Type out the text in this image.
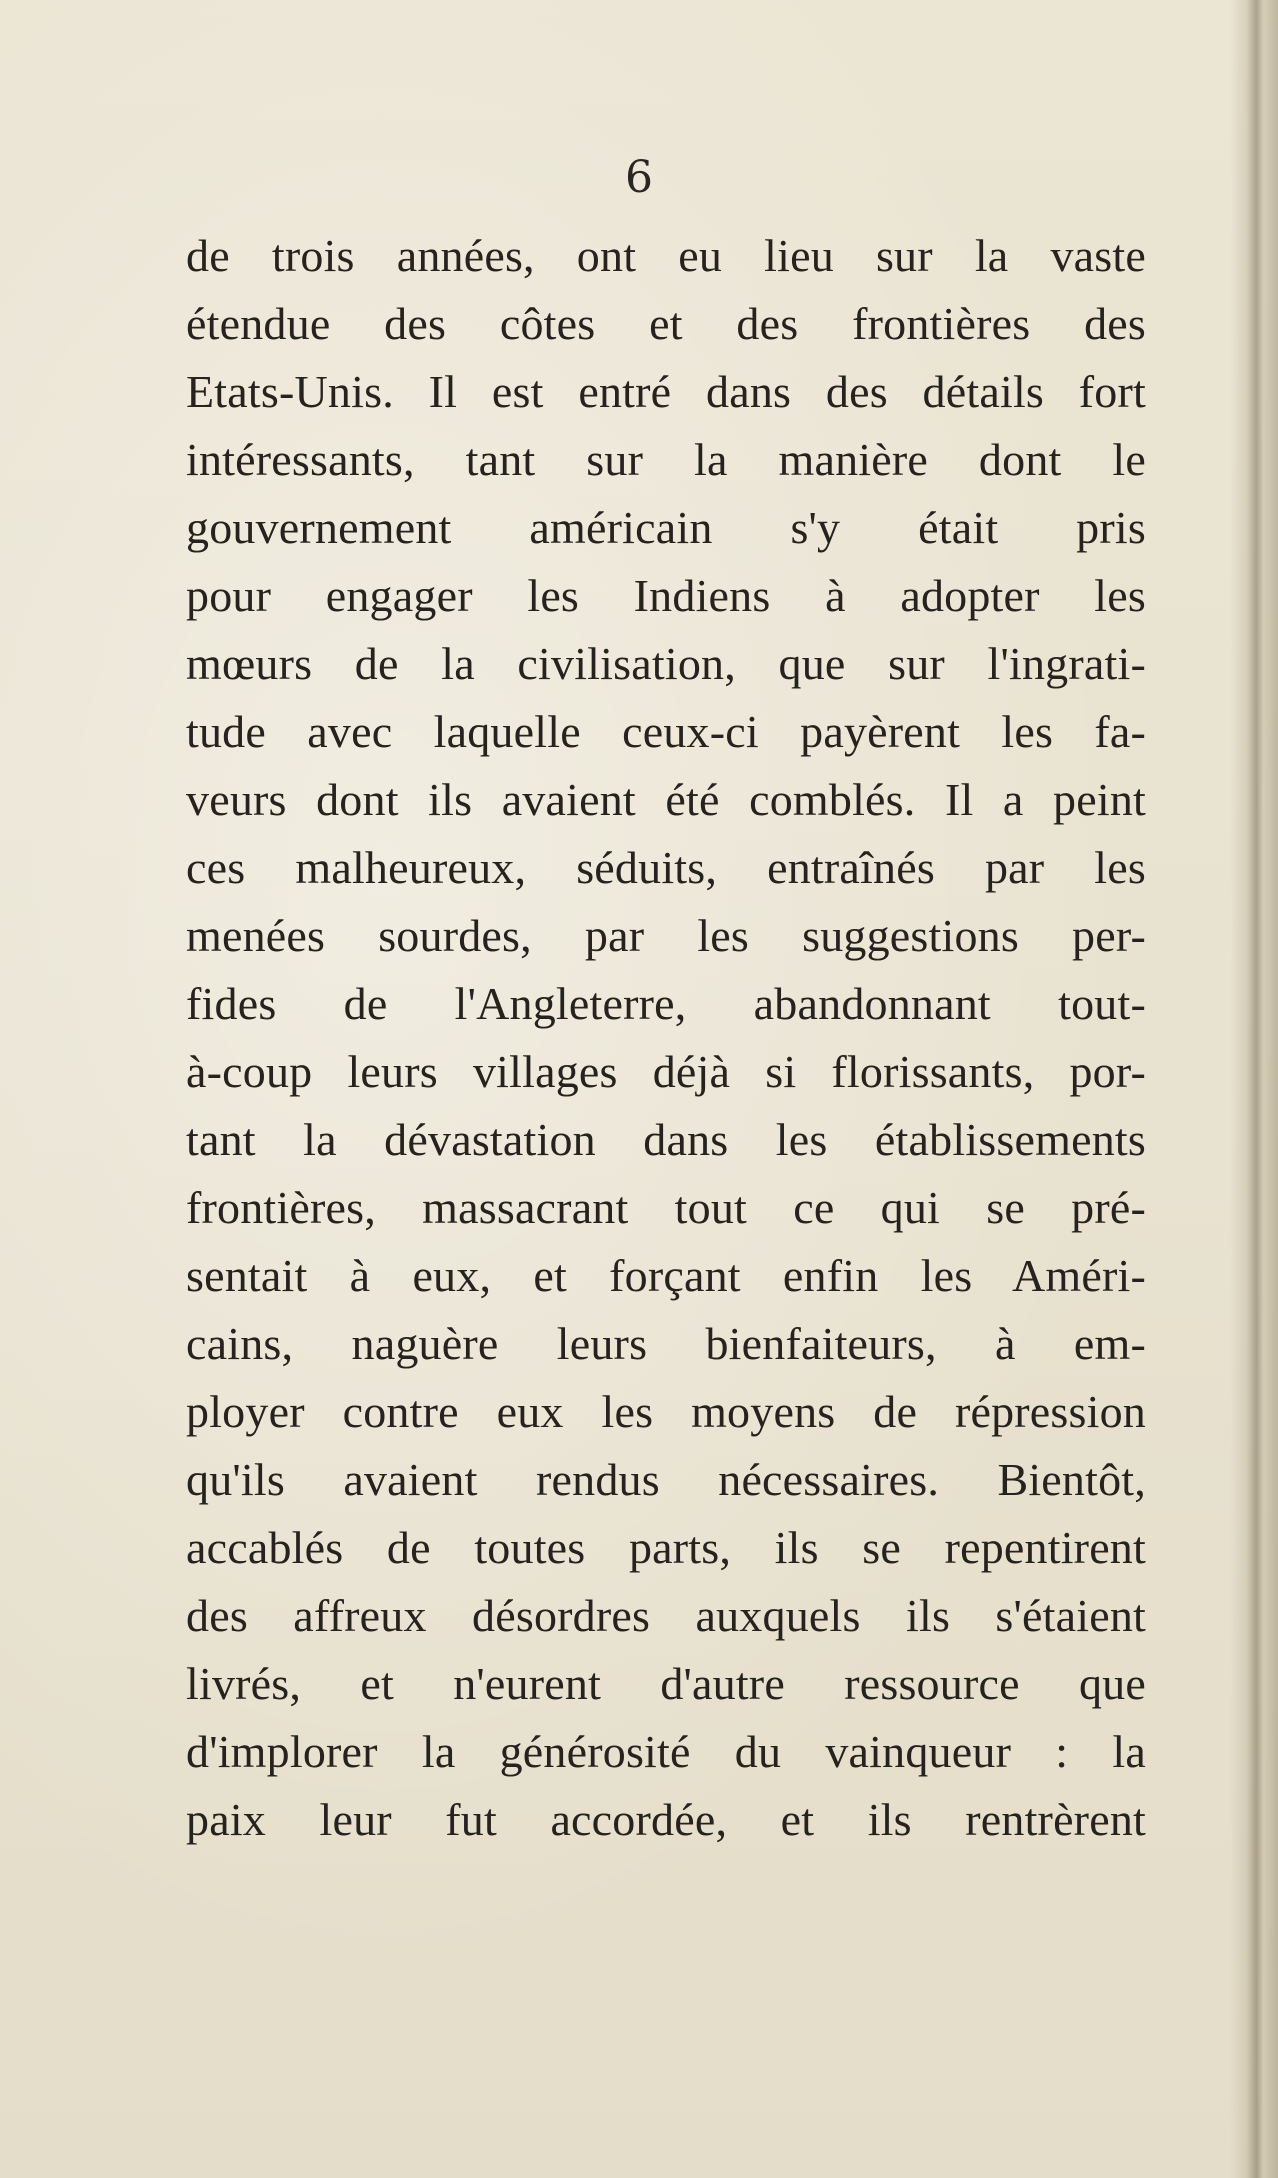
6
de trois années, ont eu lieu sur la vaste
étendue des côtes et des frontières des
Etats-Unis. Il est entré dans des détails fort
intéressants, tant sur la manière dont le
gouvernement américain s'y était pris
pour engager les Indiens à adopter les
mœurs de la civilisation, que sur l'ingrati-
tude avec laquelle ceux-ci payèrent les fa-
veurs dont ils avaient été comblés. Il a peint
ces malheureux, séduits, entraînés par les
menées sourdes, par les suggestions per-
fides de l'Angleterre, abandonnant tout-
à-coup leurs villages déjà si florissants, por-
tant la dévastation dans les établissements
frontières, massacrant tout ce qui se pré-
sentait à eux, et forçant enfin les Améri-
cains, naguère leurs bienfaiteurs, à em-
ployer contre eux les moyens de répression
qu'ils avaient rendus nécessaires. Bientôt,
accablés de toutes parts, ils se repentirent
des affreux désordres auxquels ils s'étaient
livrés, et n'eurent d'autre ressource que
d'implorer la générosité du vainqueur : la
paix leur fut accordée, et ils rentrèrent
